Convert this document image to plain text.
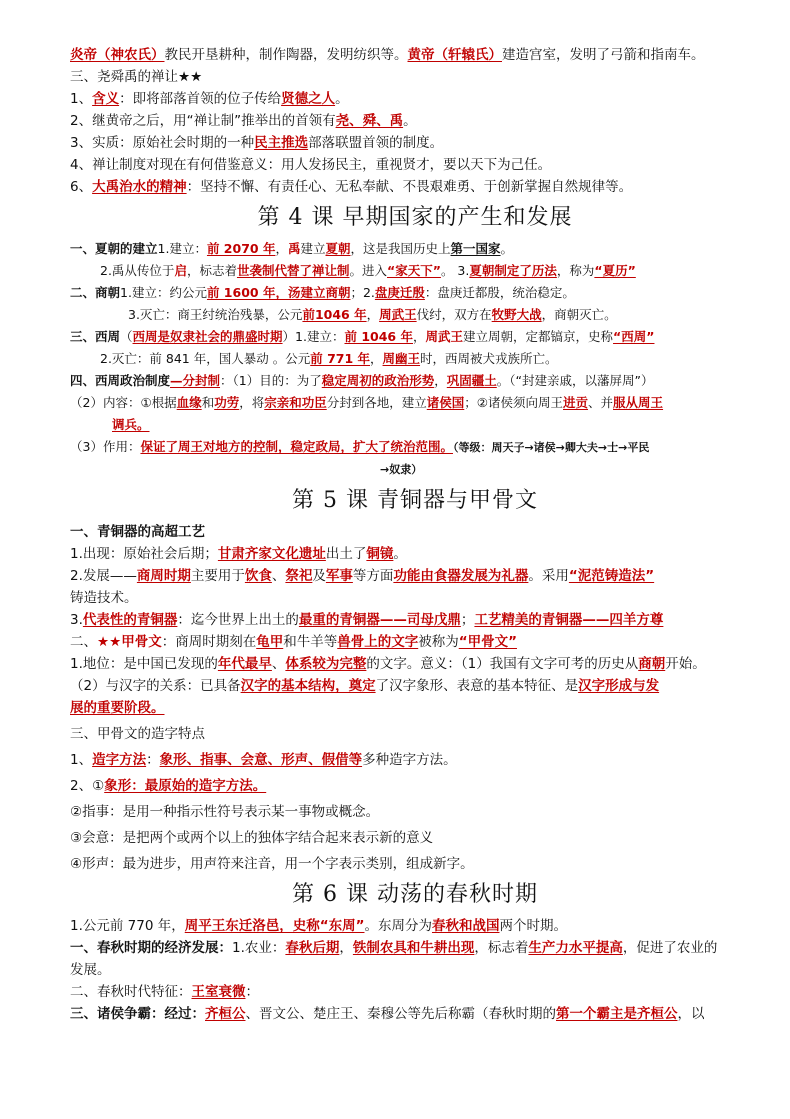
炎帝（神农氏）教民开垦耕种，制作陶器，发明纺织等。黄帝（轩辕氏）建造宫室，发明了弓箭和指南车。
三、尧舜禹的禅让★★
1、含义：即将部落首领的位子传给贤德之人。
2、继黄帝之后，用“禅让制”推举出的首领有尧、舜、禹。
3、实质：原始社会时期的一种民主推选部落联盟首领的制度。
4、禅让制度对现在有何借鉴意义：用人发扬民主，重视贤才，要以天下为己任。
6、大禹治水的精神：坚持不懈、有责任心、无私奉献、不畏艰难勇、于创新掌握自然规律等。
第 4 课 早期国家的产生和发展
一、夏朝的建立1.建立：前 2070 年，禹建立夏朝，这是我国历史上第一国家。
2.禹从传位于启，标志着世袭制代替了禅让制。进入“家天下”。 3.夏朝制定了历法，称为“夏历”
二、商朝1.建立：约公元前 1600 年，汤建立商朝；2.盘庚迁殷：盘庚迁都殷，统治稳定。
3.灭亡：商王纣统治残暴，公元前1046 年，周武王伐纣，双方在牧野大战，商朝灭亡。
三、西周（西周是奴隶社会的鼎盛时期）1.建立：前 1046 年，周武王建立周朝，定都镐京，史称“西周”
2.灭亡：前 841 年，国人暴动 。公元前 771 年，周幽王时，西周被犬戎族所亡。
四、西周政治制度—分封制：（1）目的：为了稳定周初的政治形势，巩固疆土。（“封建亲戚，以藩屏周”）
（2）内容：①根据血缘和功劳，将宗亲和功臣分封到各地，建立诸侯国；②诸侯须向周王进贡、并服从周王
调兵。
（3）作用：保证了周王对地方的控制，稳定政局，扩大了统治范围。（等级：周天子→诸侯→卿大夫→士→平民
→奴隶）
第 5 课 青铜器与甲骨文
一、青铜器的高超工艺
1.出现：原始社会后期；甘肃齐家文化遗址出土了铜镜。
2.发展——商周时期主要用于饮食、祭祀及军事等方面功能由食器发展为礼器。采用“泥范铸造法”
铸造技术。
3.代表性的青铜器：迄今世界上出土的最重的青铜器——司母戊鼎；工艺精美的青铜器——四羊方尊
二、★★甲骨文：商周时期刻在龟甲和牛羊等兽骨上的文字被称为“甲骨文”
1.地位：是中国已发现的年代最早、体系较为完整的文字。意义：（1）我国有文字可考的历史从商朝开始。
（2）与汉字的关系：已具备汉字的基本结构，奠定了汉字象形、表意的基本特征、是汉字形成与发
展的重要阶段。
三、甲骨文的造字特点
1、造字方法：象形、指事、会意、形声、假借等多种造字方法。
2、①象形：最原始的造字方法。
②指事：是用一种指示性符号表示某一事物或概念。
③会意：是把两个或两个以上的独体字结合起来表示新的意义
④形声：最为进步，用声符来注音，用一个字表示类别，组成新字。
第 6 课 动荡的春秋时期
1.公元前 770 年，周平王东迁洛邑，史称“东周”。东周分为春秋和战国两个时期。
一、春秋时期的经济发展：1.农业：春秋后期，铁制农具和牛耕出现，标志着生产力水平提高，促进了农业的
发展。
二、春秋时代特征：王室衰微：
三、诸侯争霸：经过：齐桓公、晋文公、楚庄王、秦穆公等先后称霸（春秋时期的第一个霸主是齐桓公，以
